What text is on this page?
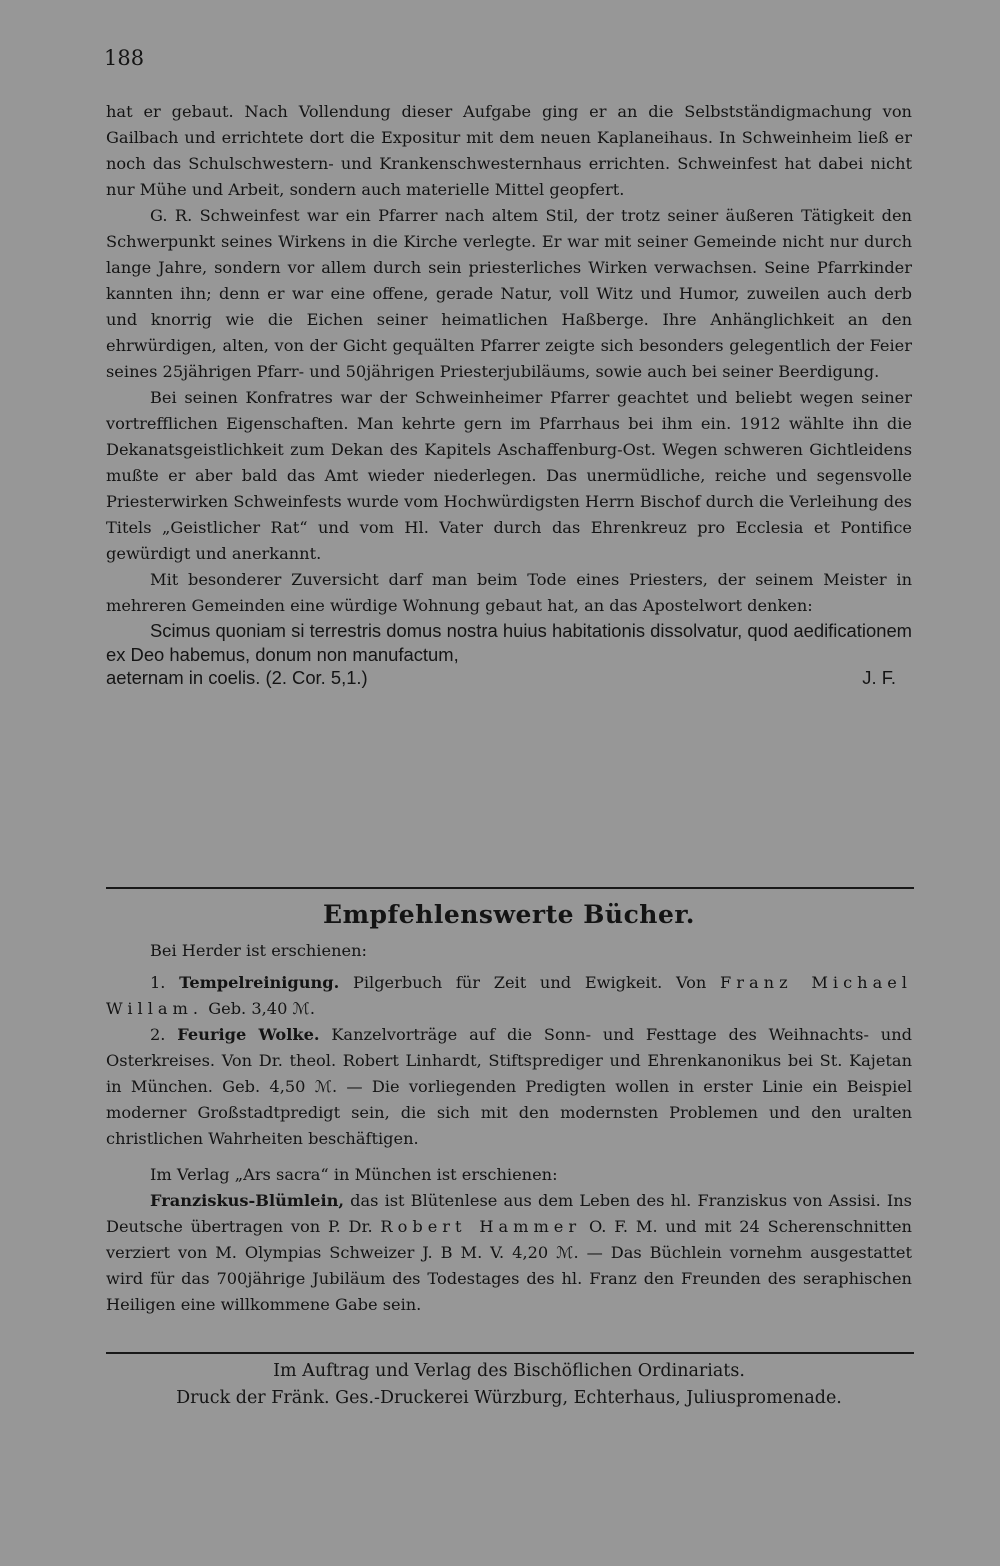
188

hat er gebaut. Nach Vollendung dieser Aufgabe ging er an die Selbstständigmachung von Gailbach und errichtete dort die Expositur mit dem neuen Kaplaneihaus. In Schweinheim ließ er noch das Schulschwestern- und Krankenschwesternhaus errichten. Schweinfest hat dabei nicht nur Mühe und Arbeit, sondern auch materielle Mittel geopfert.

G. R. Schweinfest war ein Pfarrer nach altem Stil, der trotz seiner äußeren Tätigkeit den Schwerpunkt seines Wirkens in die Kirche verlegte. Er war mit seiner Gemeinde nicht nur durch lange Jahre, sondern vor allem durch sein priesterliches Wirken verwachsen. Seine Pfarrkinder kannten ihn; denn er war eine offene, gerade Natur, voll Witz und Humor, zuweilen auch derb und knorrig wie die Eichen seiner heimatlichen Haßberge. Ihre Anhänglichkeit an den ehrwürdigen, alten, von der Gicht gequälten Pfarrer zeigte sich besonders gelegentlich der Feier seines 25jährigen Pfarr- und 50jährigen Priesterjubiläums, sowie auch bei seiner Beerdigung.

Bei seinen Konfratres war der Schweinheimer Pfarrer geachtet und beliebt wegen seiner vortrefflichen Eigenschaften. Man kehrte gern im Pfarrhaus bei ihm ein. 1912 wählte ihn die Dekanatsgeistlichkeit zum Dekan des Kapitels Aschaffenburg-Ost. Wegen schweren Gichtleidens mußte er aber bald das Amt wieder niederlegen. Das unermüdliche, reiche und segensvolle Priesterwirken Schweinfests wurde vom Hochwürdigsten Herrn Bischof durch die Verleihung des Titels „Geistlicher Rat“ und vom Hl. Vater durch das Ehrenkreuz pro Ecclesia et Pontifice gewürdigt und anerkannt.

Mit besonderer Zuversicht darf man beim Tode eines Priesters, der seinem Meister in mehreren Gemeinden eine würdige Wohnung gebaut hat, an das Apostelwort denken:

Scimus quoniam si terrestris domus nostra huius habitationis dissolvatur, quod aedificationem ex Deo habemus, donum non manufactum,

aeternam in coelis. (2. Cor. 5,1.)	J. F.
Empfehlenswerte Bücher.

Bei Herder ist erschienen:

1. Tempelreinigung. Pilgerbuch für Zeit und Ewigkeit. Von Franz Michael Willam. Geb. 3,40 ℳ.

2. Feurige Wolke. Kanzelvorträge auf die Sonn- und Festtage des Weihnachts- und Osterkreises. Von Dr. theol. Robert Linhardt, Stiftsprediger und Ehrenkanonikus bei St. Kajetan in München. Geb. 4,50 ℳ. — Die vorliegenden Predigten wollen in erster Linie ein Beispiel moderner Großstadtpredigt sein, die sich mit den modernsten Problemen und den uralten christlichen Wahrheiten beschäftigen.

Im Verlag „Ars sacra“ in München ist erschienen:

Franziskus-Blümlein, das ist Blütenlese aus dem Leben des hl. Franziskus von Assisi. Ins Deutsche übertragen von P. Dr. Robert Hammer O. F. M. und mit 24 Scherenschnitten verziert von M. Olympias Schweizer J. B M. V. 4,20 ℳ. — Das Büchlein vornehm ausgestattet wird für das 700jährige Jubiläum des Todestages des hl. Franz den Freunden des seraphischen Heiligen eine willkommene Gabe sein.

Im Auftrag und Verlag des Bischöflichen Ordinariats.
Druck der Fränk. Ges.-Druckerei Würzburg, Echterhaus, Juliuspromenade.
